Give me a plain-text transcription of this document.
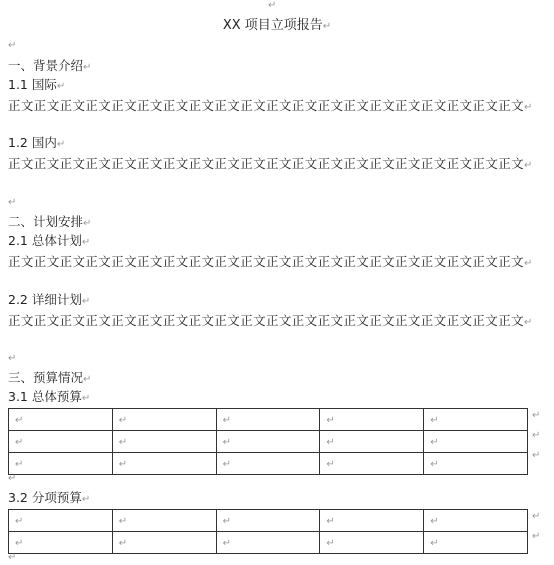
↵
XX 项目立项报告↵
↵
一、背景介绍↵
1.1 国际↵
正文正文正文正文正文正文正文正文正文正文正文正文正文正文正文正文正文正文正文正文↵
1.2 国内↵
正文正文正文正文正文正文正文正文正文正文正文正文正文正文正文正文正文正文正文正文↵
↵
二、计划安排↵
2.1 总体计划↵
正文正文正文正文正文正文正文正文正文正文正文正文正文正文正文正文正文正文正文正文↵
2.2 详细计划↵
正文正文正文正文正文正文正文正文正文正文正文正文正文正文正文正文正文正文正文正文↵
↵
三、预算情况↵
3.1 总体预算↵
↵	↵	↵	↵	↵
↵	↵	↵	↵	↵
↵	↵	↵	↵	↵
↵
↵
↵
↵
3.2 分项预算↵
↵	↵	↵	↵	↵
↵	↵	↵	↵	↵
↵
↵
↵
